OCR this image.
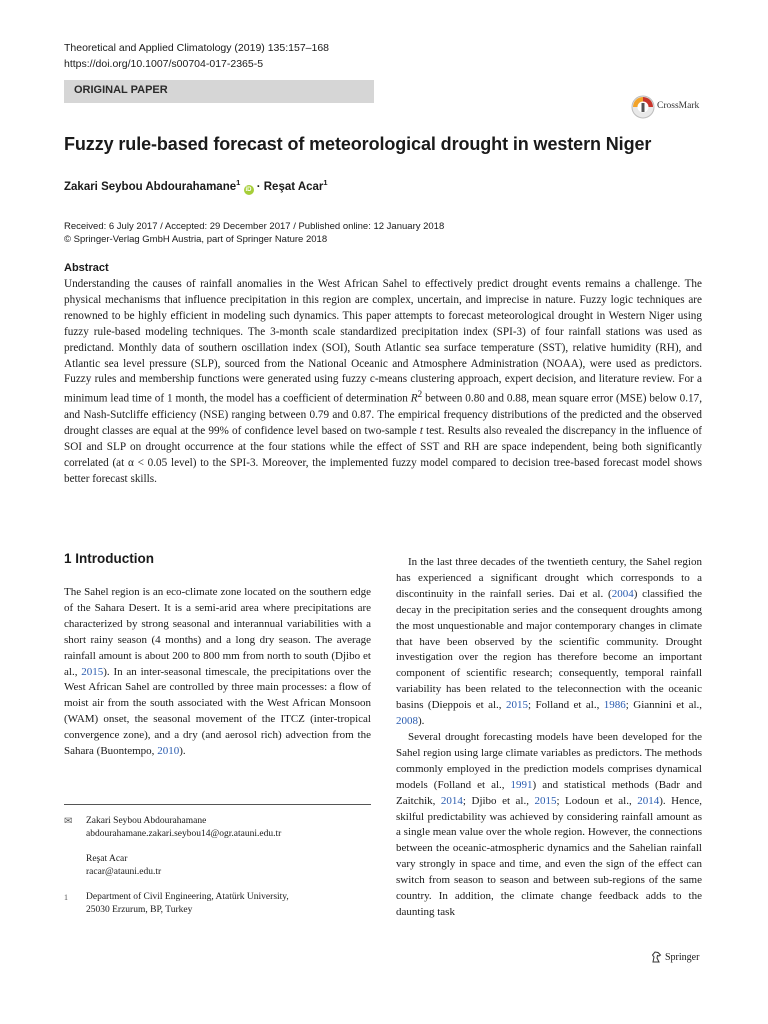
Theoretical and Applied Climatology (2019) 135:157–168
https://doi.org/10.1007/s00704-017-2365-5
ORIGINAL PAPER
CrossMark
Fuzzy rule-based forecast of meteorological drought in western Niger
Zakari Seybou Abdourahamane$^1$ iD · Reşat Acar$^1$
Received: 6 July 2017 / Accepted: 29 December 2017 / Published online: 12 January 2018
© Springer-Verlag GmbH Austria, part of Springer Nature 2018
Abstract

Understanding the causes of rainfall anomalies in the West African Sahel to effectively predict drought events remains a challenge. The physical mechanisms that influence precipitation in this region are complex, uncertain, and imprecise in nature. Fuzzy logic techniques are renowned to be highly efficient in modeling such dynamics. This paper attempts to forecast meteorological drought in Western Niger using fuzzy rule-based modeling techniques. The 3-month scale standardized precipitation index (SPI-3) of four rainfall stations was used as predictand. Monthly data of southern oscillation index (SOI), South Atlantic sea surface temperature (SST), relative humidity (RH), and Atlantic sea level pressure (SLP), sourced from the National Oceanic and Atmosphere Administration (NOAA), were used as predictors. Fuzzy rules and membership functions were generated using fuzzy c-means clustering approach, expert decision, and literature review. For a minimum lead time of 1 month, the model has a coefficient of determination $R^2$ between 0.80 and 0.88, mean square error (MSE) below 0.17, and Nash-Sutcliffe efficiency (NSE) ranging between 0.79 and 0.87. The empirical frequency distributions of the predicted and the observed drought classes are equal at the 99% of confidence level based on two-sample t test. Results also revealed the discrepancy in the influence of SOI and SLP on drought occurrence at the four stations while the effect of SST and RH are space independent, being both significantly correlated (at α < 0.05 level) to the SPI-3. Moreover, the implemented fuzzy model compared to decision tree-based forecast model shows better forecast skills.

1 Introduction

The Sahel region is an eco-climate zone located on the southern edge of the Sahara Desert. It is a semi-arid area where precipitations are characterized by strong seasonal and interannual variabilities with a short rainy season (4 months) and a long dry season. The average rainfall amount is about 200 to 800 mm from north to south (Djibo et al., 2015). In an inter-seasonal timescale, the precipitations over the West African Sahel are controlled by three main processes: a flow of moist air from the south associated with the West African Monsoon (WAM) onset, the seasonal movement of the ITCZ (inter-tropical convergence zone), and a dry (and aerosol rich) advection from the Sahara (Buontempo, 2010).

In the last three decades of the twentieth century, the Sahel region has experienced a significant drought which corresponds to a discontinuity in the rainfall series. Dai et al. (2004) classified the decay in the precipitation series and the consequent droughts among the most unquestionable and major contemporary changes in climate that have been observed by the scientific community. Drought investigation over the region has therefore become an important component of scientific research; consequently, temporal rainfall variability has been related to the teleconnection with the oceanic basins (Dieppois et al., 2015; Folland et al., 1986; Giannini et al., 2008).

Several drought forecasting models have been developed for the Sahel region using large climate variables as predictors. The methods commonly employed in the prediction models comprises dynamical models (Folland et al., 1991) and statistical methods (Badr and Zaitchik, 2014; Djibo et al., 2015; Lodoun et al., 2014). Hence, skilful predictability was achieved by considering rainfall amount as a single mean value over the whole region. However, the connections between the oceanic-atmospheric dynamics and the Sahelian rainfall vary strongly in space and time, and even the sign of the effect can switch from season to season and between sub-regions of the same country. In addition, the climate change feedback adds to the daunting task

✉ Zakari Seybou Abdourahamane
abdourahamane.zakari.seybou14@ogr.atauni.edu.tr
Reşat Acar
racar@atauni.edu.tr
1 Department of Civil Engineering, Atatürk University,
25030 Erzurum, BP, Turkey
Springer
